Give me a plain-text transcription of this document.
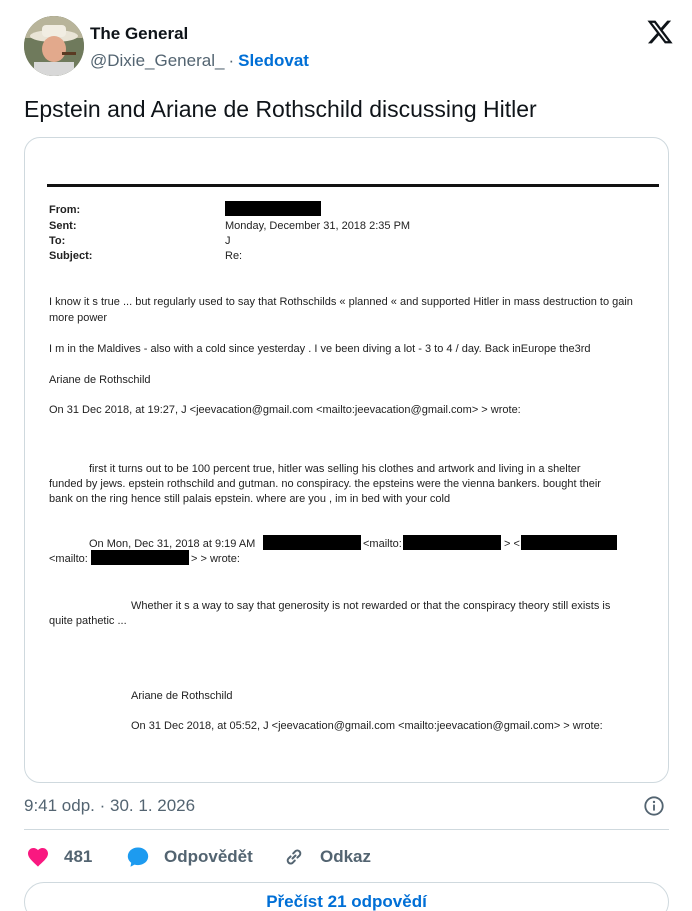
The General
@Dixie_General_ · Sledovat
Epstein and Ariane de Rothschild discussing Hitler
From:
Sent:	Monday, December 31, 2018 2:35 PM
To:	J
Subject:	Re:
I know it s true ... but regularly used to say that Rothschilds « planned « and supported Hitler in mass destruction to gain
more power
I m in the Maldives - also with a cold since yesterday . I ve been diving a lot - 3 to 4 / day. Back inEurope the3rd
Ariane de Rothschild
On 31 Dec 2018, at 19:27, J <jeevacation@gmail.com <mailto:jeevacation@gmail.com> > wrote:
first it turns out to be 100 percent true, hitler was selling his clothes and artwork and living in a shelter
funded by jews. epstein rothschild and gutman. no conspiracy. the epsteins were the vienna bankers. bought their
bank on the ring hence still palais epstein. where are you , im in bed with your cold
On Mon, Dec 31, 2018 at 9:19 AM	<mailto:	> <
<mailto:	> > wrote:
Whether it s a way to say that generosity is not rewarded or that the conspiracy theory still exists is
quite pathetic ...
Ariane de Rothschild
On 31 Dec 2018, at 05:52, J <jeevacation@gmail.com <mailto:jeevacation@gmail.com> > wrote:
9:41 odp. · 30. 1. 2026
481	Odpovědět	Odkaz
Přečíst 21 odpovědí
